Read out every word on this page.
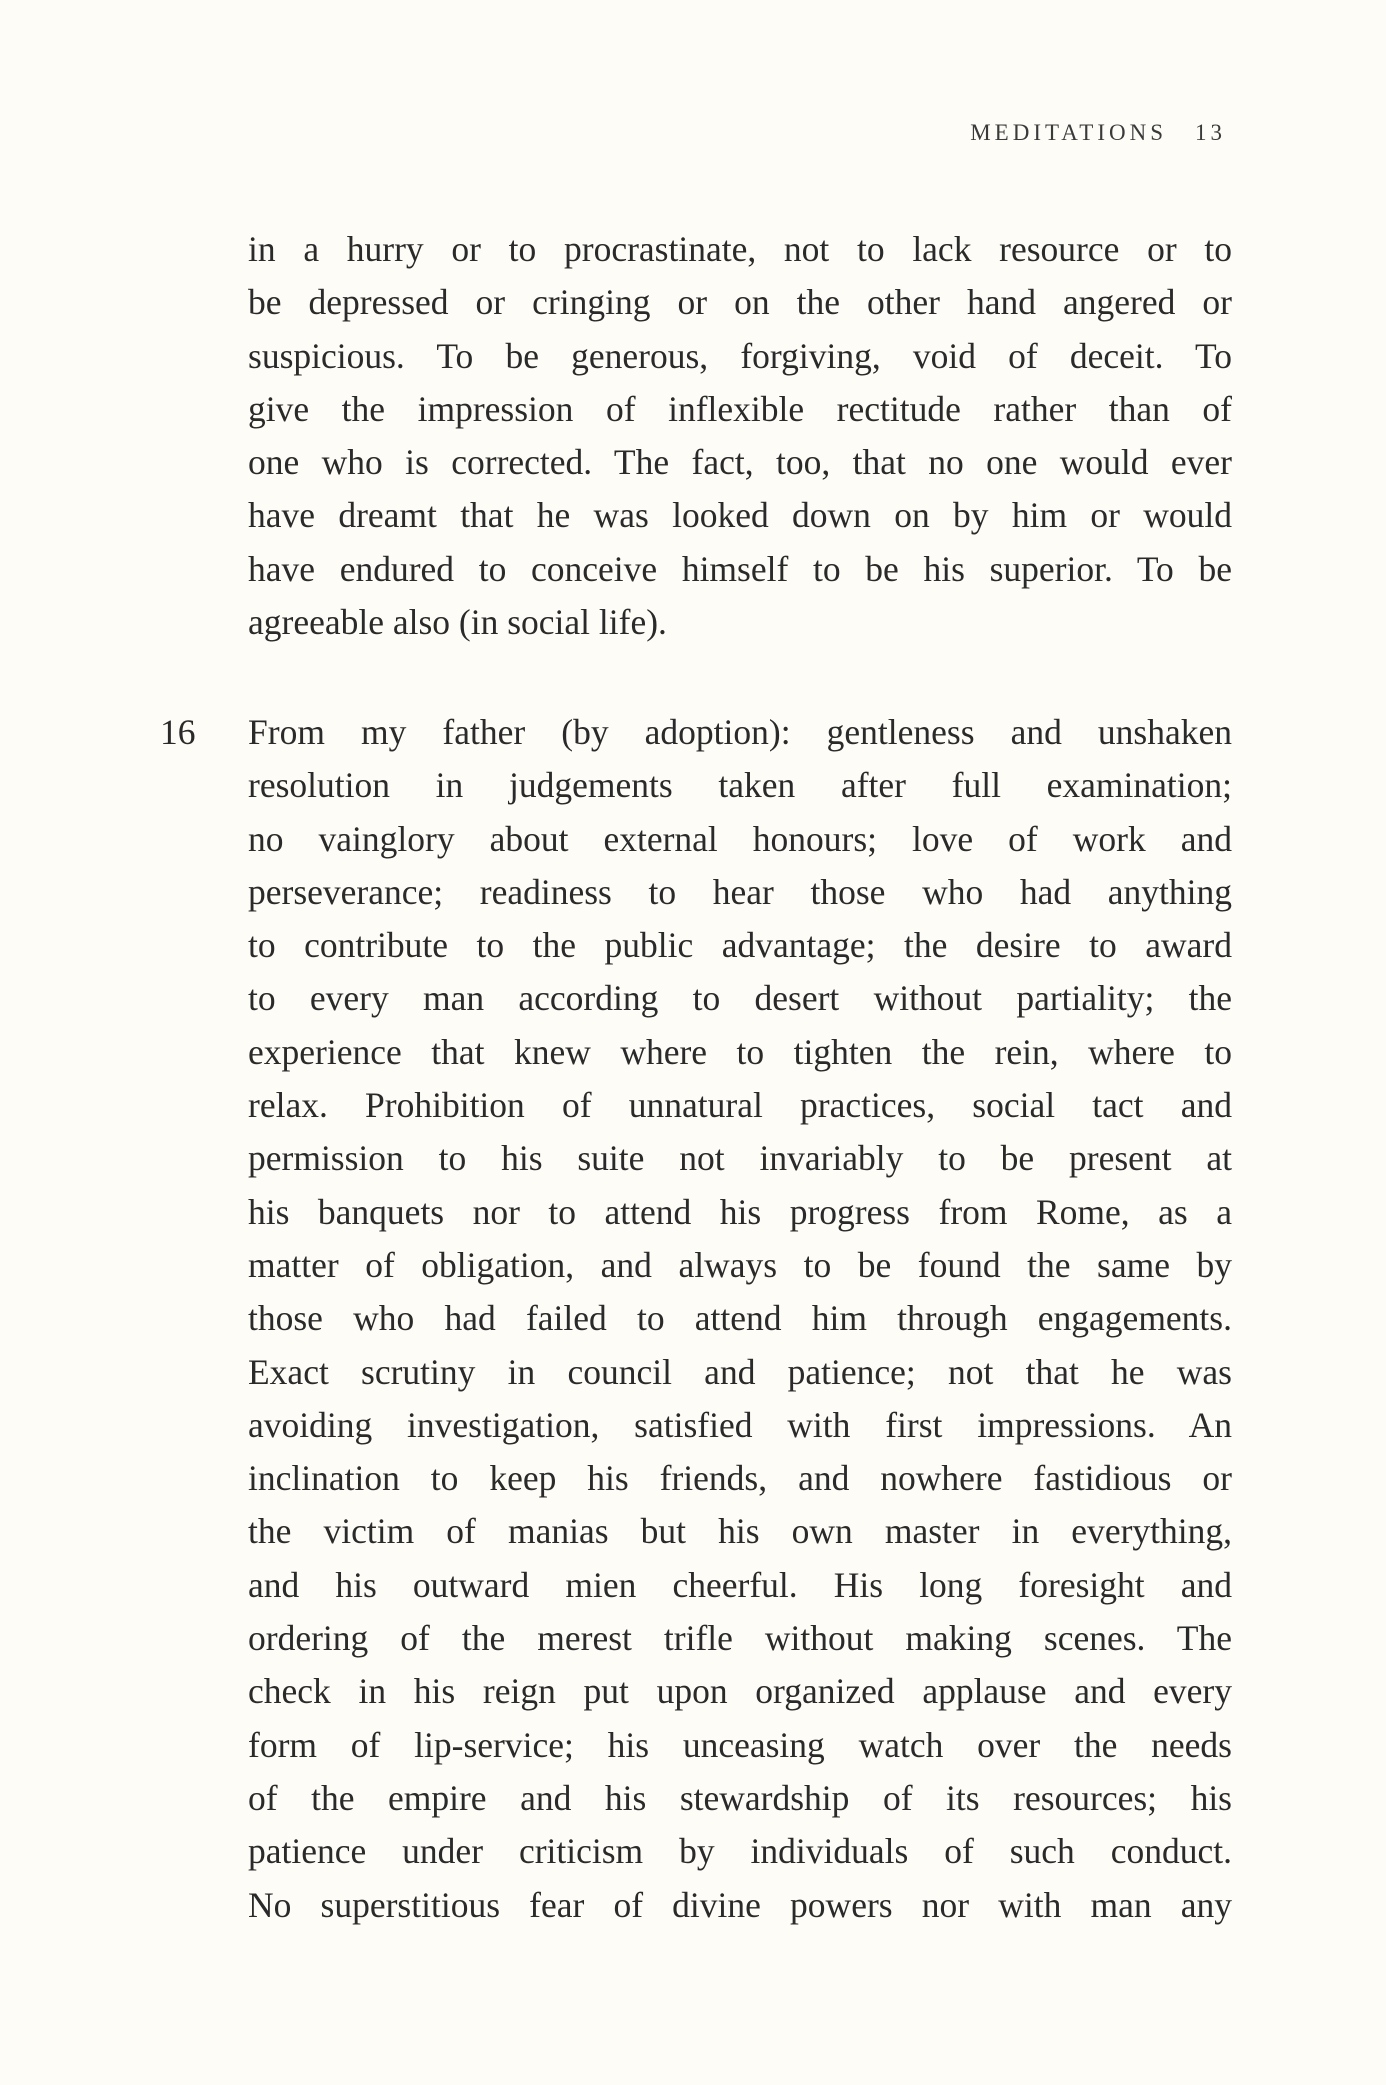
MEDITATIONS 13
in a hurry or to procrastinate, not to lack resource or to
be depressed or cringing or on the other hand angered or
suspicious. To be generous, forgiving, void of deceit. To
give the impression of inflexible rectitude rather than of
one who is corrected. The fact, too, that no one would ever
have dreamt that he was looked down on by him or would
have endured to conceive himself to be his superior. To be
agreeable also (in social life).
16 From my father (by adoption): gentleness and unshaken
resolution in judgements taken after full examination;
no vainglory about external honours; love of work and
perseverance; readiness to hear those who had anything
to contribute to the public advantage; the desire to award
to every man according to desert without partiality; the
experience that knew where to tighten the rein, where to
relax. Prohibition of unnatural practices, social tact and
permission to his suite not invariably to be present at
his banquets nor to attend his progress from Rome, as a
matter of obligation, and always to be found the same by
those who had failed to attend him through engagements.
Exact scrutiny in council and patience; not that he was
avoiding investigation, satisfied with first impressions. An
inclination to keep his friends, and nowhere fastidious or
the victim of manias but his own master in everything,
and his outward mien cheerful. His long foresight and
ordering of the merest trifle without making scenes. The
check in his reign put upon organized applause and every
form of lip-service; his unceasing watch over the needs
of the empire and his stewardship of its resources; his
patience under criticism by individuals of such conduct.
No superstitious fear of divine powers nor with man any
